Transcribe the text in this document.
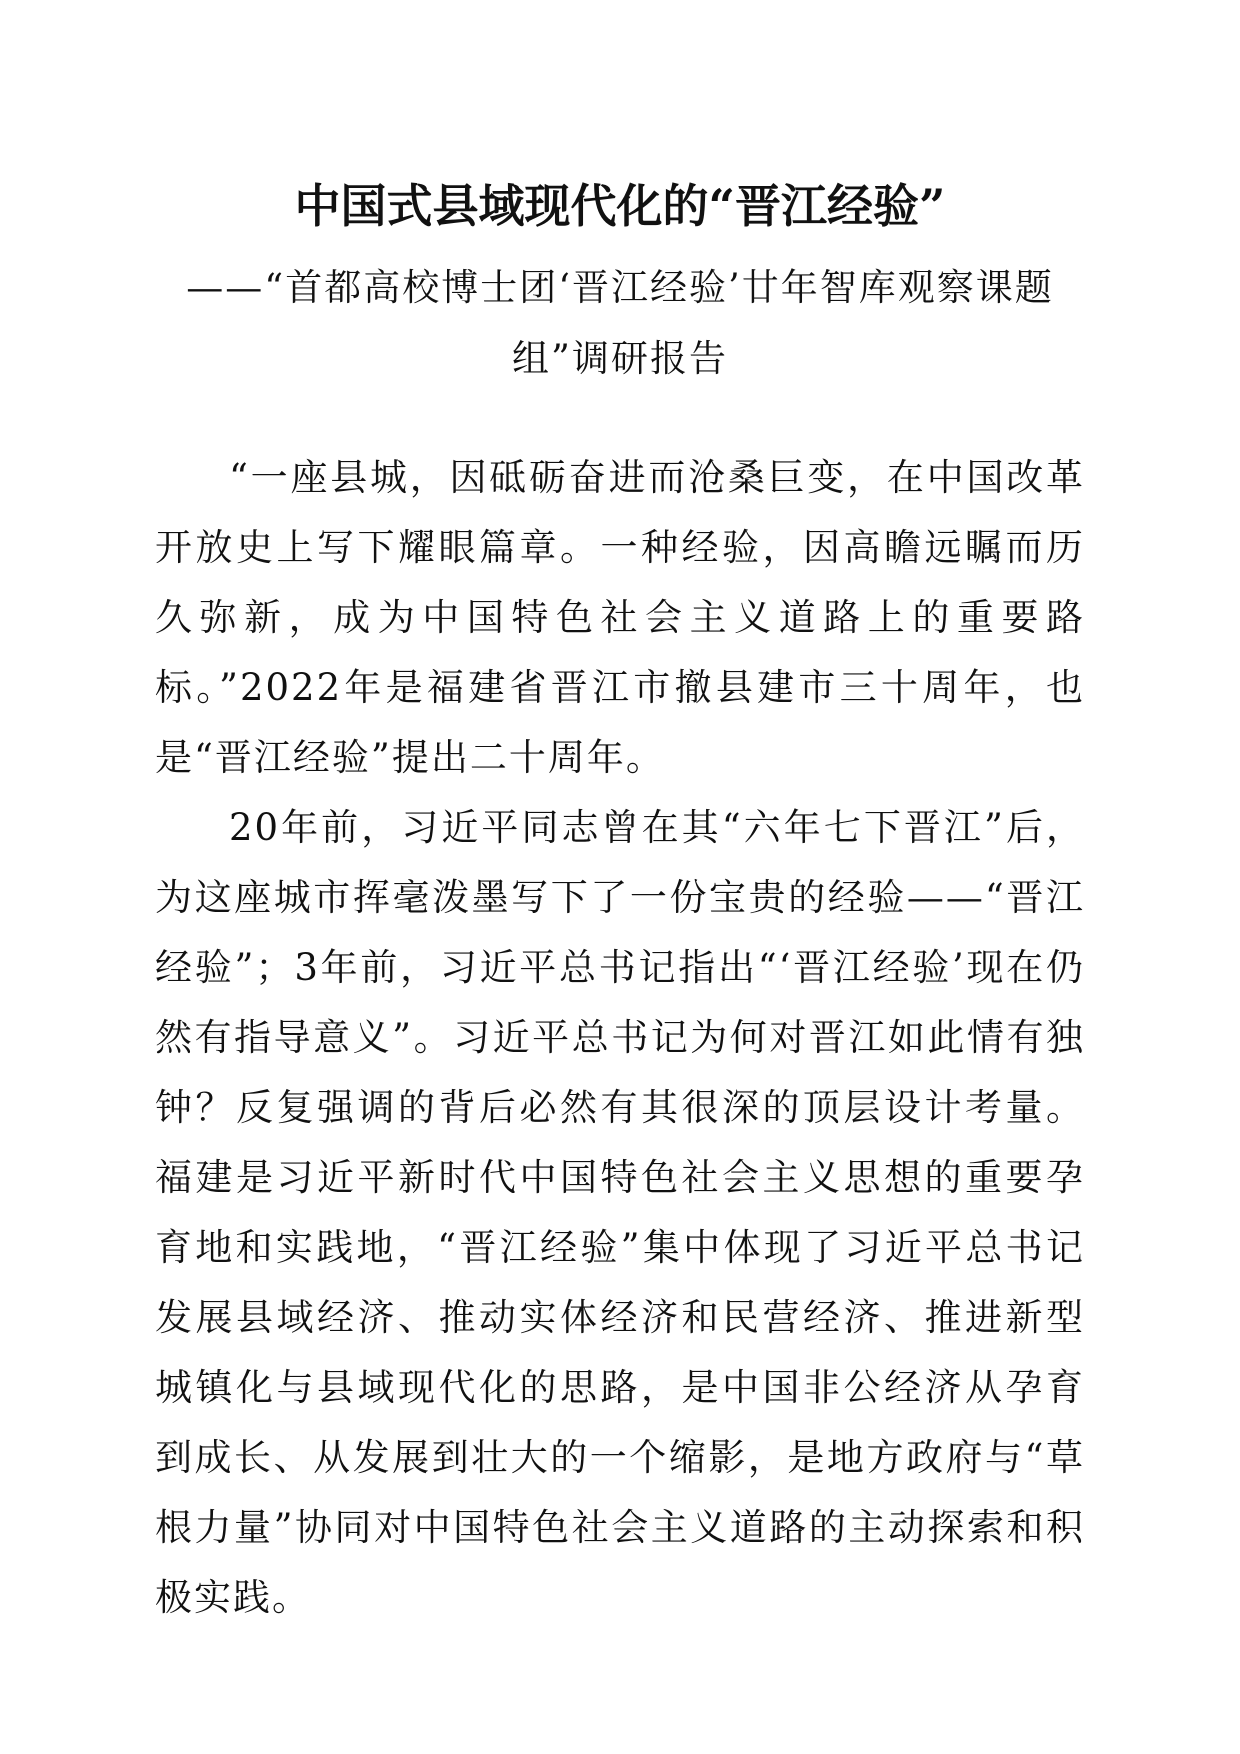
中国式县域现代化的“晋江经验”

——“首都高校博士团‘晋江经验’廿年智库观察课题组”调研报告

“一座县城，因砥砺奋进而沧桑巨变，在中国改革开放史上写下耀眼篇章。一种经验，因高瞻远瞩而历久弥新，成为中国特色社会主义道路上的重要路标。”2022年是福建省晋江市撤县建市三十周年，也是“晋江经验”提出二十周年。

20年前，习近平同志曾在其“六年七下晋江”后，为这座城市挥毫泼墨写下了一份宝贵的经验——“晋江经验”；3年前，习近平总书记指出“‘晋江经验’现在仍然有指导意义”。习近平总书记为何对晋江如此情有独钟？反复强调的背后必然有其很深的顶层设计考量。福建是习近平新时代中国特色社会主义思想的重要孕育地和实践地，“晋江经验”集中体现了习近平总书记发展县域经济、推动实体经济和民营经济、推进新型城镇化与县域现代化的思路，是中国非公经济从孕育到成长、从发展到壮大的一个缩影，是地方政府与“草根力量”协同对中国特色社会主义道路的主动探索和积极实践。
